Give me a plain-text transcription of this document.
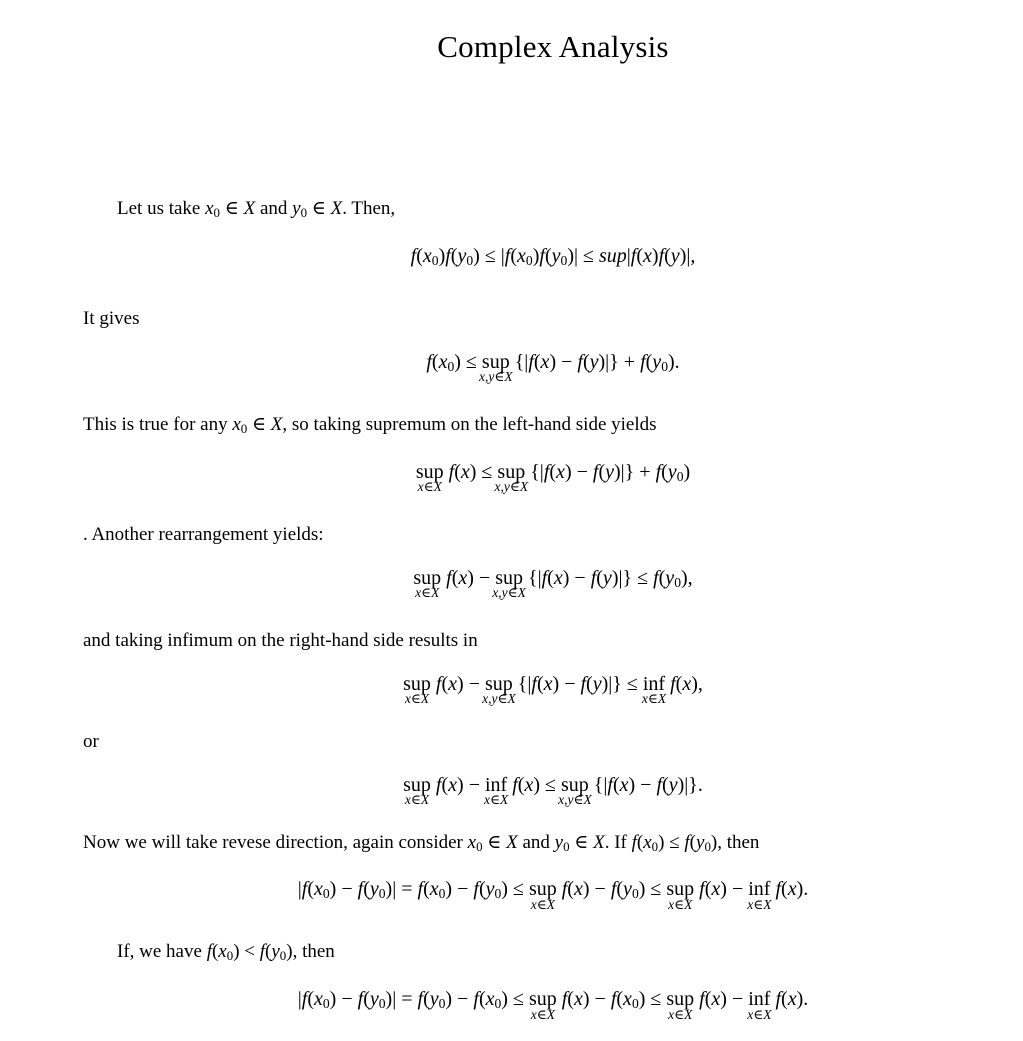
Complex Analysis
Let us take x0 ∈ X and y0 ∈ X. Then,
f(x0)f(y0) ≤ |f(x0)f(y0)| ≤ sup|f(x)f(y)|,
It gives
f(x0) ≤ sup
x,y∈X
{|f(x) − f(y)|} + f(y0).
This is true for any x0 ∈ X, so taking supremum on the left-hand side yields
sup
x∈X
f(x) ≤ sup
x,y∈X
{|f(x) − f(y)|} + f(y0)
. Another rearrangement yields:
sup
x∈X
f(x) − sup
x,y∈X
{|f(x) − f(y)|} ≤ f(y0),
and taking infimum on the right-hand side results in
sup
x∈X
f(x) − sup
x,y∈X
{|f(x) − f(y)|} ≤ inf
x∈X
f(x),
or
sup
x∈X
f(x) − inf
x∈X
f(x) ≤ sup
x,y∈X
{|f(x) − f(y)|}.
Now we will take revese direction, again consider x0 ∈ X and y0 ∈ X. If f(x0) ≤ f(y0), then
|f(x0) − f(y0)| = f(x0) − f(y0) ≤ sup
x∈X
f(x) − f(y0) ≤ sup
x∈X
f(x) − inf
x∈X
f(x).
If, we have f(x0) < f(y0), then
|f(x0) − f(y0)| = f(y0) − f(x0) ≤ sup
x∈X
f(x) − f(x0) ≤ sup
x∈X
f(x) − inf
x∈X
f(x).
